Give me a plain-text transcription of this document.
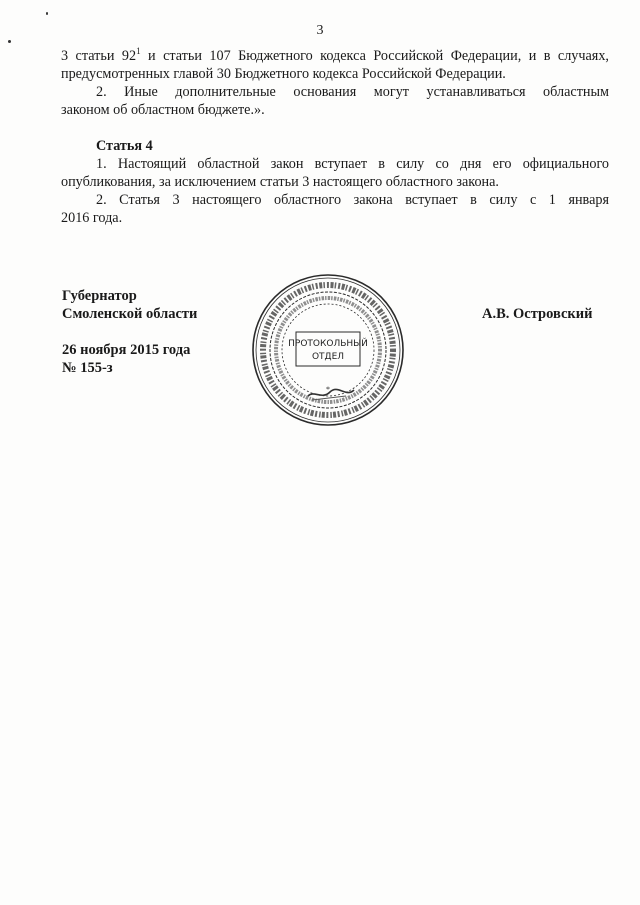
3
3 статьи $92^1$ и статьи 107 Бюджетного кодекса Российской Федерации, и в случаях,
предусмотренных главой 30 Бюджетного кодекса Российской Федерации.
2. Иные дополнительные основания могут устанавливаться областным
законом об областном бюджете.».
Статья 4
1. Настоящий областной закон вступает в силу со дня его официального
опубликования, за исключением статьи 3 настоящего областного закона.
2. Статья 3 настоящего областного закона вступает в силу с 1 января
2016 года.
Губернатор
Смоленской области
26 ноября 2015 года
№ 155-з
А.В. Островский
ПРОТОКОЛЬНЫЙ
ОТДЕЛ
*
